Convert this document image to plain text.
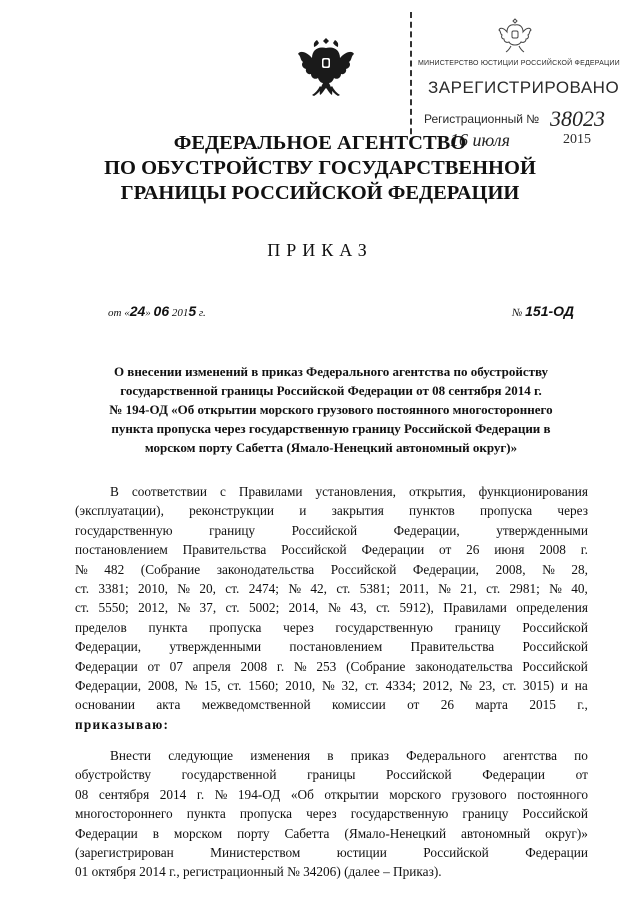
МИНИСТЕРСТВО ЮСТИЦИИ РОССИЙСКОЙ ФЕДЕРАЦИИ
ЗАРЕГИСТРИРОВАНО
Регистрационный № 38023
16 июля	2015
ФЕДЕРАЛЬНОЕ АГЕНТСТВО
ПО ОБУСТРОЙСТВУ ГОСУДАРСТВЕННОЙ
ГРАНИЦЫ РОССИЙСКОЙ ФЕДЕРАЦИИ
ПРИКАЗ
от «24» 06 2015 г.	№ 151-ОД
О внесении изменений в приказ Федерального агентства по обустройству
государственной границы Российской Федерации от 08 сентября 2014 г.
№ 194-ОД «Об открытии морского грузового постоянного многостороннего
пункта пропуска через государственную границу Российской Федерации в
морском порту Сабетта (Ямало-Ненецкий автономный округ)»
В соответствии с Правилами установления, открытия, функционирования
(эксплуатации), реконструкции и закрытия пунктов пропуска через
государственную	границу	Российской	Федерации,	утвержденными
постановлением Правительства Российской Федерации от 26 июня 2008 г.
№ 482 (Собрание законодательства Российской Федерации, 2008, № 28,
ст. 3381; 2010, № 20, ст. 2474; № 42, ст. 5381; 2011, № 21, ст. 2981; № 40,
ст. 5550; 2012, № 37, ст. 5002; 2014, № 43, ст. 5912), Правилами определения
пределов пункта пропуска через государственную границу Российской
Федерации, утвержденными постановлением Правительства Российской
Федерации от 07 апреля 2008 г. № 253 (Собрание законодательства Российской
Федерации, 2008, № 15, ст. 1560; 2010, № 32, ст. 4334; 2012, № 23, ст. 3015) и на
основании акта межведомственной комиссии от 26 марта 2015 г.,
приказываю:
Внести следующие изменения в приказ Федерального агентства по
обустройству государственной границы Российской Федерации от
08 сентября 2014 г. № 194-ОД «Об открытии морского грузового постоянного
многостороннего пункта пропуска через государственную границу Российской
Федерации в морском порту Сабетта (Ямало-Ненецкий автономный округ)»
(зарегистрирован	Министерством	юстиции	Российской	Федерации
01 октября 2014 г., регистрационный № 34206) (далее – Приказ).
